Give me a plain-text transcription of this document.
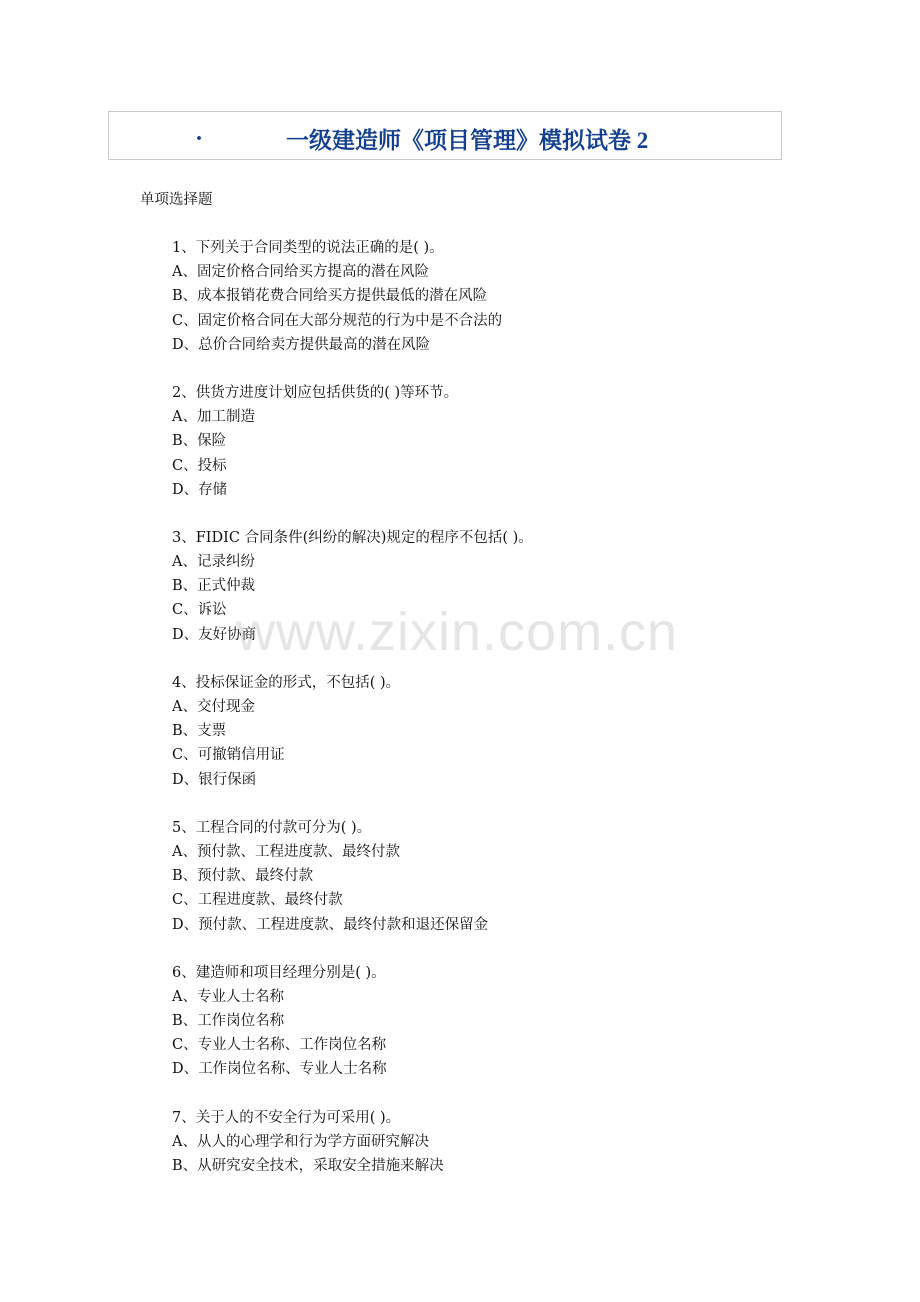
.	一级建造师《项目管理》模拟试卷 2
单项选择题
1、下列关于合同类型的说法正确的是( )。
A、固定价格合同给买方提高的潜在风险
B、成本报销花费合同给买方提供最低的潜在风险
C、固定价格合同在大部分规范的行为中是不合法的
D、总价合同给卖方提供最高的潜在风险
2、供货方进度计划应包括供货的( )等环节。
A、加工制造
B、保险
C、投标
D、存储
3、FIDIC 合同条件(纠纷的解决)规定的程序不包括( )。
A、记录纠纷
B、正式仲裁
C、诉讼
D、友好协商
4、投标保证金的形式，不包括( )。
A、交付现金
B、支票
C、可撤销信用证
D、银行保函
5、工程合同的付款可分为( )。
A、预付款、工程进度款、最终付款
B、预付款、最终付款
C、工程进度款、最终付款
D、预付款、工程进度款、最终付款和退还保留金
6、建造师和项目经理分别是( )。
A、专业人士名称
B、工作岗位名称
C、专业人士名称、工作岗位名称
D、工作岗位名称、专业人士名称
7、关于人的不安全行为可采用( )。
A、从人的心理学和行为学方面研究解决
B、从研究安全技术，采取安全措施来解决
www.zixin.com.cn
